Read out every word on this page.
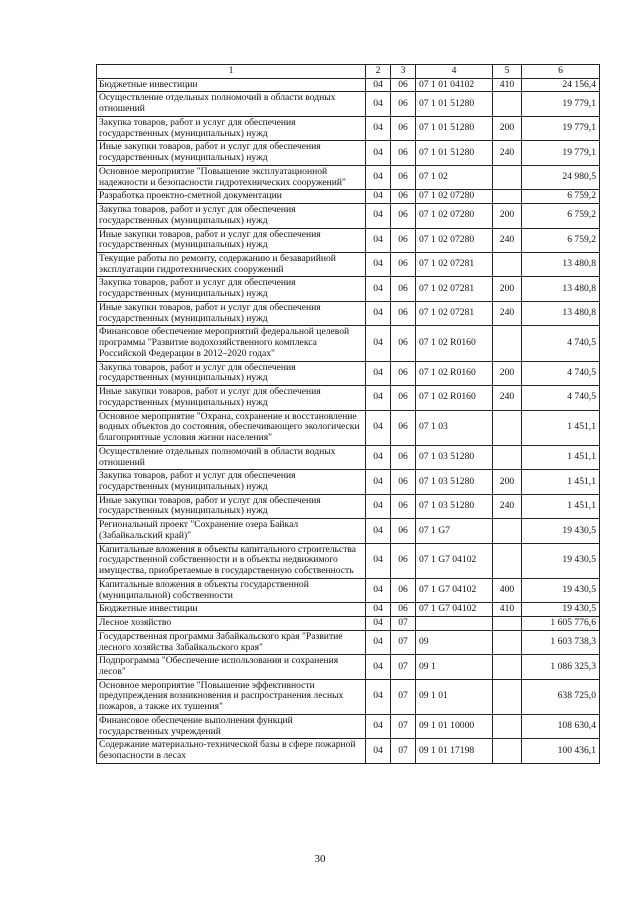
1	2	3	4	5	6
Бюджетные инвестиции	04	06	07 1 01 04102	410	24 156,4
Осуществление отдельных полномочий в области водных отношений	04	06	07 1 01 51280		19 779,1
Закупка товаров, работ и услуг для обеспечения государственных (муниципальных) нужд	04	06	07 1 01 51280	200	19 779,1
Иные закупки товаров, работ и услуг для обеспечения государственных (муниципальных) нужд	04	06	07 1 01 51280	240	19 779,1
Основное мероприятие "Повышение эксплуатационной надежности и безопасности гидротехнических сооружений"	04	06	07 1 02		24 980,5
Разработка проектно-сметной документации	04	06	07 1 02 07280		6 759,2
Закупка товаров, работ и услуг для обеспечения государственных (муниципальных) нужд	04	06	07 1 02 07280	200	6 759,2
Иные закупки товаров, работ и услуг для обеспечения государственных (муниципальных) нужд	04	06	07 1 02 07280	240	6 759,2
Текущие работы по ремонту, содержанию и безаварийной эксплуатации гидротехнических сооружений	04	06	07 1 02 07281		13 480,8
Закупка товаров, работ и услуг для обеспечения государственных (муниципальных) нужд	04	06	07 1 02 07281	200	13 480,8
Иные закупки товаров, работ и услуг для обеспечения государственных (муниципальных) нужд	04	06	07 1 02 07281	240	13 480,8
Финансовое обеспечение мероприятий федеральной целевой программы "Развитие водохозяйственного комплекса Российской Федерации в 2012–2020 годах"	04	06	07 1 02 R0160		4 740,5
Закупка товаров, работ и услуг для обеспечения государственных (муниципальных) нужд	04	06	07 1 02 R0160	200	4 740,5
Иные закупки товаров, работ и услуг для обеспечения государственных (муниципальных) нужд	04	06	07 1 02 R0160	240	4 740,5
Основное мероприятие "Охрана, сохранение и восстановление водных объектов до состояния, обеспечивающего экологически благоприятные условия жизни населения"	04	06	07 1 03		1 451,1
Осуществление отдельных полномочий в области водных отношений	04	06	07 1 03 51280		1 451,1
Закупка товаров, работ и услуг для обеспечения государственных (муниципальных) нужд	04	06	07 1 03 51280	200	1 451,1
Иные закупки товаров, работ и услуг для обеспечения государственных (муниципальных) нужд	04	06	07 1 03 51280	240	1 451,1
Региональный проект "Сохранение озера Байкал (Забайкальский край)"	04	06	07 1 G7		19 430,5
Капитальные вложения в объекты капитального строительства государственной собственности и в объекты недвижимого имущества, приобретаемые в государственную собственность	04	06	07 1 G7 04102		19 430,5
Капитальные вложения в объекты государственной (муниципальной) собственности	04	06	07 1 G7 04102	400	19 430,5
Бюджетные инвестиции	04	06	07 1 G7 04102	410	19 430,5
Лесное хозяйство	04	07			1 605 776,6
Государственная программа Забайкальского края "Развитие лесного хозяйства Забайкальского края"	04	07	09		1 603 738,3
Подпрограмма "Обеспечение использования и сохранения лесов"	04	07	09 1		1 086 325,3
Основное мероприятие "Повышение эффективности предупреждения возникновения и распространения лесных пожаров, а также их тушения"	04	07	09 1 01		638 725,0
Финансовое обеспечение выполнения функций государственных учреждений	04	07	09 1 01 10000		108 630,4
Содержание материально-технической базы в сфере пожарной безопасности в лесах	04	07	09 1 01 17198		100 436,1
30
